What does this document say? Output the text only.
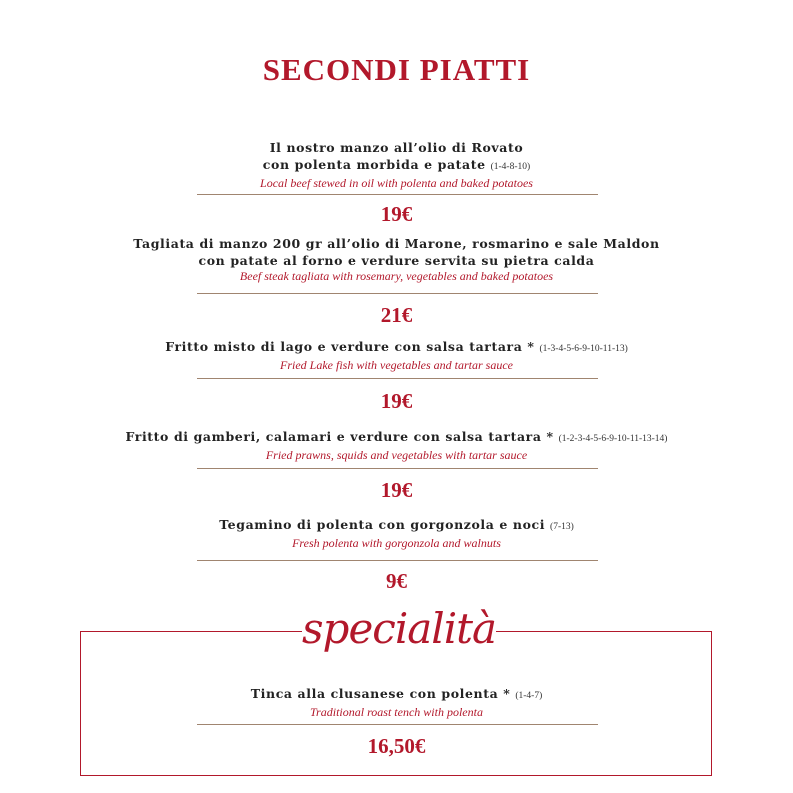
SECONDI PIATTI
Il nostro manzo all’olio di Rovato
con polenta morbida e patate (1-4-8-10)
Local beef stewed in oil with polenta and baked potatoes
19€
Tagliata di manzo 200 gr all’olio di Marone, rosmarino e sale Maldon
con patate al forno e verdure servita su pietra calda
Beef steak tagliata with rosemary, vegetables and baked potatoes
21€
Fritto misto di lago e verdure con salsa tartara * (1-3-4-5-6-9-10-11-13)
Fried Lake fish with vegetables and tartar sauce
19€
Fritto di gamberi, calamari e verdure con salsa tartara * (1-2-3-4-5-6-9-10-11-13-14)
Fried prawns, squids and vegetables with tartar sauce
19€
Tegamino di polenta con gorgonzola e noci (7-13)
Fresh polenta with gorgonzola and walnuts
9€
specialità
Tinca alla clusanese con polenta * (1-4-7)
Traditional roast tench with polenta
16,50€
